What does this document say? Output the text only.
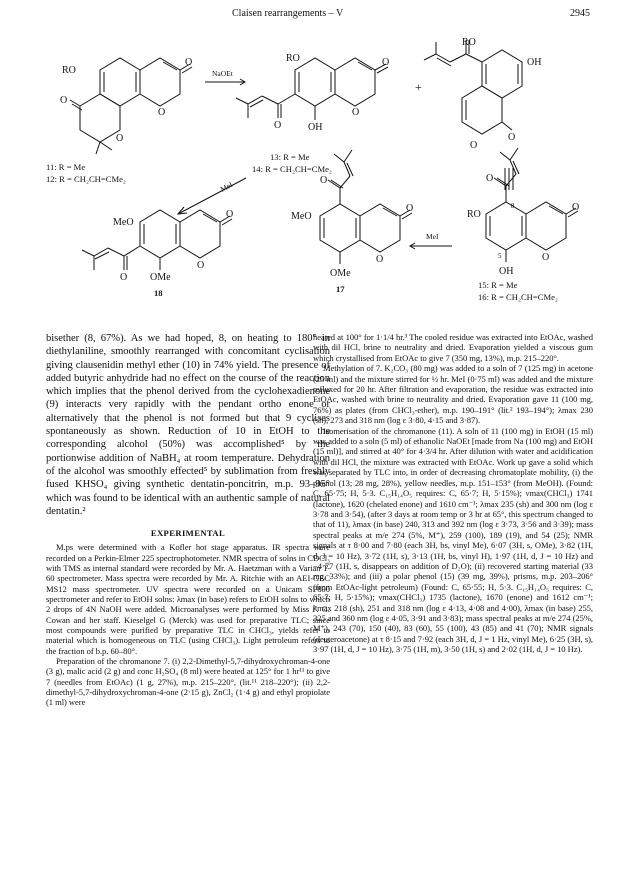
Claisen rearrangements – V	2945
RO
O
O
O
O
11: R = Me
12: R = CH₂CH=CMe₂
NaOEt
RO	O
O
OH
O
13: R = Me
14: R = CH₂CH=CMe₂
+
RO
OH
O
O
MeI
MeO
O
O
O OMe
18
MeO
O
O
O
OMe
17
MeI
RO
O
O
O
OH
8
5
15: R = Me
16: R = CH₂CH=CMe₂

bisether (8, 67%). As we had hoped, 8, on heating to 180° in diethylaniline, smoothly rearranged with concomitant cyclisation giving clausenidin methyl ether (10) in 74% yield. The presence of added butyric anhydride had no effect on the course of the reaction which implies that the phenol derived from the cyclohexadienone (9) interacts very rapidly with the pendant ortho enone or alternatively that the phenol is not formed but that 9 cyclises spontaneously as shown. Reduction of 10 in EtOH to the corresponding alcohol (50%) was accomplished⁵ by the portionwise addition of NaBH₄ at room temperature. Dehydration of the alcohol was smoothly effected⁵ by sublimation from freshly fused KHSO₄ giving synthetic dentatin-poncitrin, m.p. 93–95° which was found to be identical with an authentic sample of natural dentatin.²

EXPERIMENTAL

M.ps were determined with a Kofler hot stage apparatus. IR spectra were recorded on a Perkin-Elmer 225 spectrophotometer. NMR spectra of solns in CDCl₃ with TMS as internal standard were recorded by Mr. A. Haetzman with a Varian T-60 spectrometer. Mass spectra were recorded by Mr. A. Ritchie with an AEI-GEC MS12 mass spectrometer. UV spectra were recorded on a Unicam SP800 spectrometer and refer to EtOH solns: λmax (in base) refers to EtOH solns to which 2 drops of 4N NaOH were added. Microanalyses were performed by Miss F. G. Cowan and her staff. Kieselgel G (Merck) was used for preparative TLC; since most compounds were purified by preparative TLC in CHCl₃, yields refer to material which is homogeneous on TLC (using CHCl₃). Light petroleum refers to the fraction of b.p. 60–80°.

Preparation of the chromanone 7. (i) 2,2-Dimethyl-5,7-dihydroxychroman-4-one (3 g), malic acid (2 g) and conc H₂SO₄ (8 ml) were heated at 125° for 1 hr¹¹ to give 7 (needles from EtOAc) (1 g, 27%), m.p. 215–220°, (lit.¹¹ 218–220°); (ii) 2,2-dimethyl-5,7-dihydroxychroman-4-one (2·15 g), ZnCl₂ (1·4 g) and ethyl propiolate (1 ml) were

heated at 100° for 1·1/4 hr.³ The cooled residue was extracted into EtOAc, washed with dil HCl, brine to neutrality and dried. Evaporation yielded a viscous gum which crystallised from EtOAc to give 7 (350 mg, 13%), m.p. 215–220°.

Methylation of 7. K₂CO₃ (80 mg) was added to a soln of 7 (125 mg) in acetone (25 ml) and the mixture stirred for ½ hr. MeI (0·75 ml) was added and the mixture refluxed for 20 hr. After filtration and evaporation, the residue was extracted into EtOAc, washed with brine to neutrality and dried. Evaporation gave 11 (100 mg, 76%) as plates (from CHCl₃-ether), m.p. 190–191° (lit.² 193–194°); λmax 230 (sh), 273 and 318 nm (log ε 3·80, 4·15 and 3·87).

Isomerisation of the chromanone (11). A soln of 11 (100 mg) in EtOH (15 ml) was added to a soln (5 ml) of ethanolic NaOEt [made from Na (100 mg) and EtOH (15 ml)], and stirred at 40° for 4·3/4 hr. After dilution with water and acidification with dil HCl, the mixture was extracted with EtOAc. Work up gave a solid which was separated by TLC into, in order of decreasing chromatoplate mobility, (i) the phenol (13; 28 mg, 28%), yellow needles, m.p. 151–153° (from MeOH). (Found: C, 65·75; H, 5·3. C₁₅H₁₄O₅ requires: C, 65·7; H, 5·15%); νmax(CHCl₃) 1741 (lactone), 1620 (chelated enone) and 1610 cm⁻¹; λmax 235 (sh) and 300 nm (log ε 3·78 and 3·54), (after 3 days at room temp or 3 hr at 65°, this spectrum changed to that of 11), λmax (in base) 240, 313 and 392 nm (log ε 3·73, 3·56 and 3·39); mass spectral peaks at m/e 274 (5%, M⁺), 259 (100), 189 (19), and 54 (25); NMR signals at τ 8·00 and 7·80 (each 3H, bs, vinyl Me), 6·07 (3H, s, OMe), 3·82 (1H, d, J = 10 Hz), 3·72 (1H, s), 3·13 (1H, bs, vinyl H), 1·97 (1H, d, J = 10 Hz) and −4·77 (1H, s, disappears on addition of D₂O); (ii) recovered starting material (33 mg, 33%); and (iii) a polar phenol (15) (39 mg, 39%), prisms, m.p. 203–206° (from EtOAc-light petroleum) (Found: C, 65·55; H, 5·3. C₁₅H₁₄O₅ requires: C, 65·7; H, 5·15%); νmax(CHCl₃) 1735 (lactone), 1670 (enone) and 1612 cm⁻¹; λmax 218 (sh), 251 and 318 nm (log ε 4·13, 4·08 and 4·00), λmax (in base) 255, 325 and 360 nm (log ε 4·05, 3·91 and 3·83); mass spectral peaks at m/e 274 (25%, M⁺), 243 (70), 150 (40), 83 (60), 55 (100), 43 (85) and 41 (70); NMR signals (deuteroacetone) at τ 8·15 and 7·92 (each 3H, d, J = 1 Hz, vinyl Me), 6·25 (3H, s), 3·97 (1H, d, J = 10 Hz), 3·75 (1H, m), 3·50 (1H, s) and 2·02 (1H, d, J = 10 Hz).
